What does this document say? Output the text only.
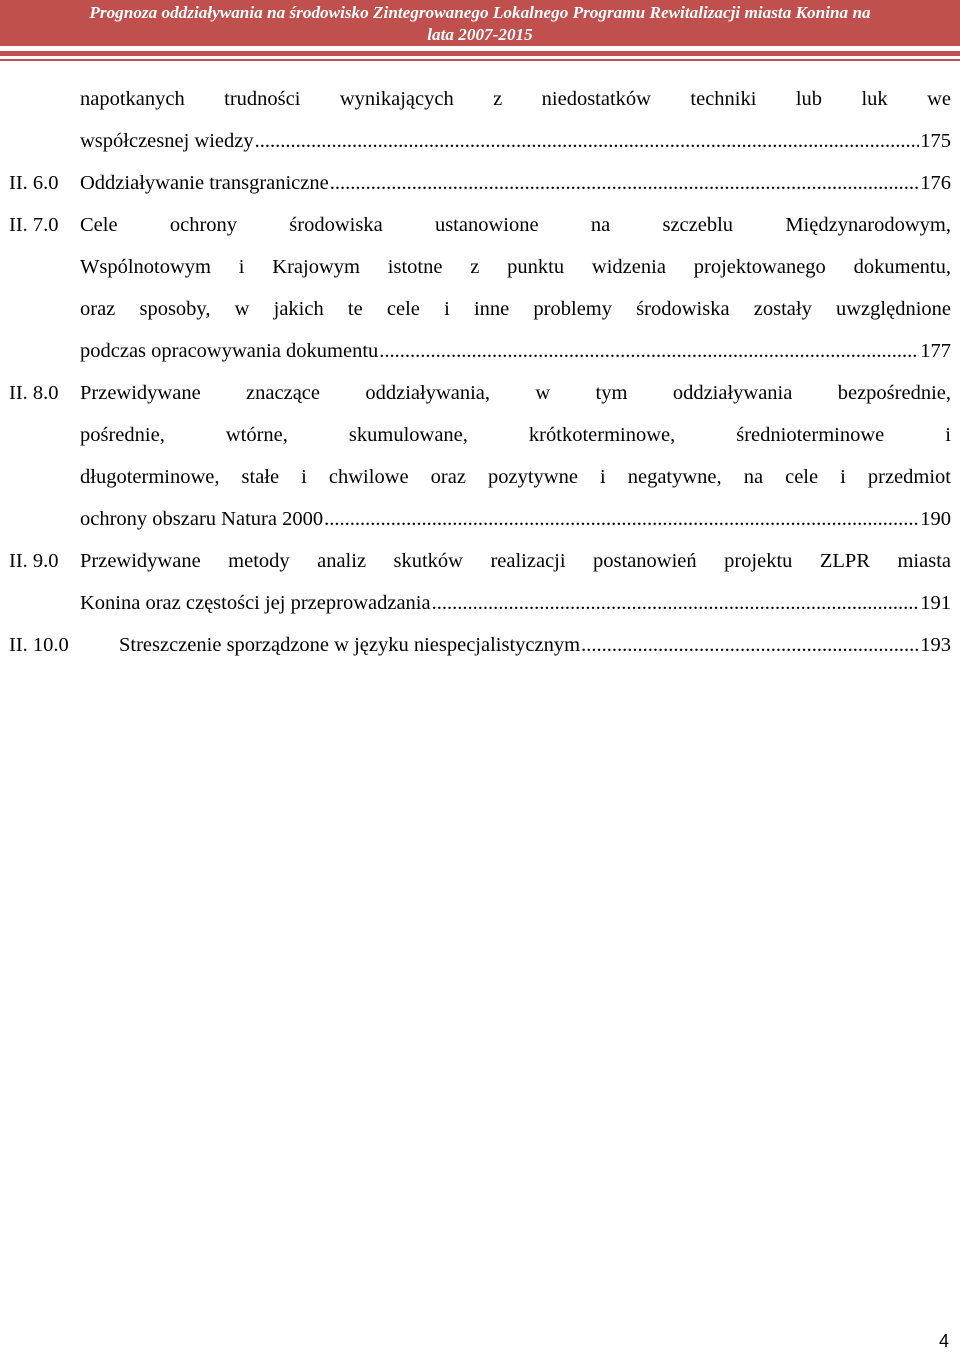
Prognoza oddziaływania na środowisko Zintegrowanego Lokalnego Programu Rewitalizacji miasta Konina na
lata 2007-2015
napotkanych trudności wynikających z niedostatków techniki lub luk we
współczesnej wiedzy .....	175
II. 6.0	Oddziaływanie transgraniczne .....	176
II. 7.0	Cele ochrony środowiska ustanowione na szczeblu Międzynarodowym,
Wspólnotowym i Krajowym istotne z punktu widzenia projektowanego dokumentu,
oraz sposoby, w jakich te cele i inne problemy środowiska zostały uwzględnione
podczas opracowywania dokumentu .....	177
II. 8.0	Przewidywane znaczące oddziaływania, w tym oddziaływania bezpośrednie,
pośrednie, wtórne, skumulowane, krótkoterminowe, średnioterminowe i
długoterminowe, stałe i chwilowe oraz pozytywne i negatywne, na cele i przedmiot
ochrony obszaru Natura 2000 .....	190
II. 9.0	Przewidywane metody analiz skutków realizacji postanowień projektu ZLPR miasta
Konina oraz częstości jej przeprowadzania .....	191
II. 10.0	Streszczenie sporządzone w języku niespecjalistycznym .....	193
4
